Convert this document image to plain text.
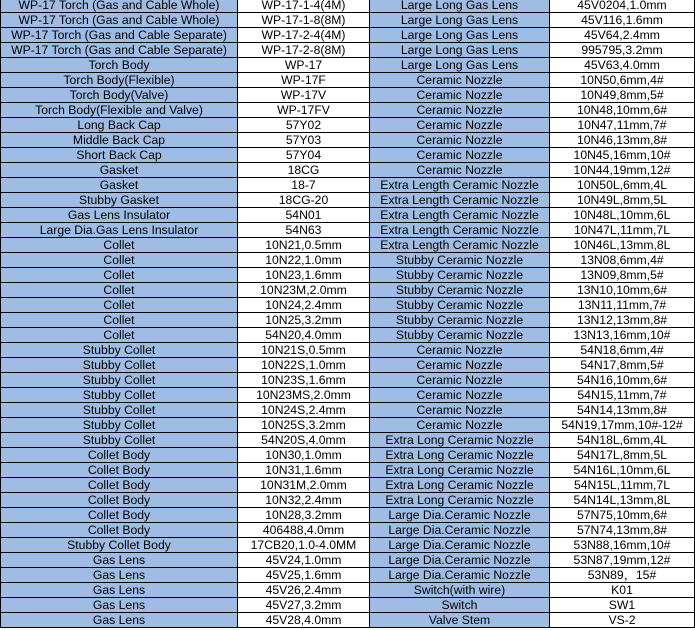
WP-17 Torch (Gas and Cable Whole)	WP-17-1-4(4M)	Large Long Gas Lens	45V0204,1.0mm
WP-17 Torch (Gas and Cable Whole)	WP-17-1-8(8M)	Large Long Gas Lens	45V116,1.6mm
WP-17 Torch (Gas and Cable Separate)	WP-17-2-4(4M)	Large Long Gas Lens	45V64,2.4mm
WP-17 Torch (Gas and Cable Separate)	WP-17-2-8(8M)	Large Long Gas Lens	995795,3.2mm
Torch Body	WP-17	Large Long Gas Lens	45V63,4.0mm
Torch Body(Flexible)	WP-17F	Ceramic Nozzle	10N50,6mm,4#
Torch Body(Valve)	WP-17V	Ceramic Nozzle	10N49,8mm,5#
Torch Body(Flexible and Valve)	WP-17FV	Ceramic Nozzle	10N48,10mm,6#
Long Back Cap	57Y02	Ceramic Nozzle	10N47,11mm,7#
Middle Back Cap	57Y03	Ceramic Nozzle	10N46,13mm,8#
Short Back Cap	57Y04	Ceramic Nozzle	10N45,16mm,10#
Gasket	18CG	Ceramic Nozzle	10N44,19mm,12#
Gasket	18-7	Extra Length Ceramic Nozzle	10N50L,6mm,4L
Stubby Gasket	18CG-20	Extra Length Ceramic Nozzle	10N49L,8mm,5L
Gas Lens Insulator	54N01	Extra Length Ceramic Nozzle	10N48L,10mm,6L
Large Dia.Gas Lens Insulator	54N63	Extra Length Ceramic Nozzle	10N47L,11mm,7L
Collet	10N21,0.5mm	Extra Length Ceramic Nozzle	10N46L,13mm,8L
Collet	10N22,1.0mm	Stubby Ceramic Nozzle	13N08,6mm,4#
Collet	10N23,1.6mm	Stubby Ceramic Nozzle	13N09,8mm,5#
Collet	10N23M,2.0mm	Stubby Ceramic Nozzle	13N10,10mm,6#
Collet	10N24,2.4mm	Stubby Ceramic Nozzle	13N11,11mm,7#
Collet	10N25,3.2mm	Stubby Ceramic Nozzle	13N12,13mm,8#
Collet	54N20,4.0mm	Stubby Ceramic Nozzle	13N13,16mm,10#
Stubby Collet	10N21S,0.5mm	Ceramic Nozzle	54N18,6mm,4#
Stubby Collet	10N22S,1.0mm	Ceramic Nozzle	54N17,8mm,5#
Stubby Collet	10N23S,1.6mm	Ceramic Nozzle	54N16,10mm,6#
Stubby Collet	10N23MS,2.0mm	Ceramic Nozzle	54N15,11mm,7#
Stubby Collet	10N24S,2.4mm	Ceramic Nozzle	54N14,13mm,8#
Stubby Collet	10N25S,3.2mm	Ceramic Nozzle	54N19,17mm,10#-12#
Stubby Collet	54N20S,4.0mm	Extra Long Ceramic Nozzle	54N18L,6mm,4L
Collet Body	10N30,1.0mm	Extra Long Ceramic Nozzle	54N17L,8mm,5L
Collet Body	10N31,1.6mm	Extra Long Ceramic Nozzle	54N16L,10mm,6L
Collet Body	10N31M,2.0mm	Extra Long Ceramic Nozzle	54N15L,11mm,7L
Collet Body	10N32,2.4mm	Extra Long Ceramic Nozzle	54N14L,13mm,8L
Collet Body	10N28,3.2mm	Large Dia.Ceramic Nozzle	57N75,10mm,6#
Collet Body	406488,4.0mm	Large Dia.Ceramic Nozzle	57N74,13mm,8#
Stubby Collet Body	17CB20,1.0-4.0MM	Large Dia.Ceramic Nozzle	53N88,16mm,10#
Gas Lens	45V24,1.0mm	Large Dia.Ceramic Nozzle	53N87,19mm,12#
Gas Lens	45V25,1.6mm	Large Dia.Ceramic Nozzle	53N89，15#
Gas Lens	45V26,2.4mm	Switch(with wire)	K01
Gas Lens	45V27,3.2mm	Switch	SW1
Gas Lens	45V28,4.0mm	Valve Stem	VS-2
